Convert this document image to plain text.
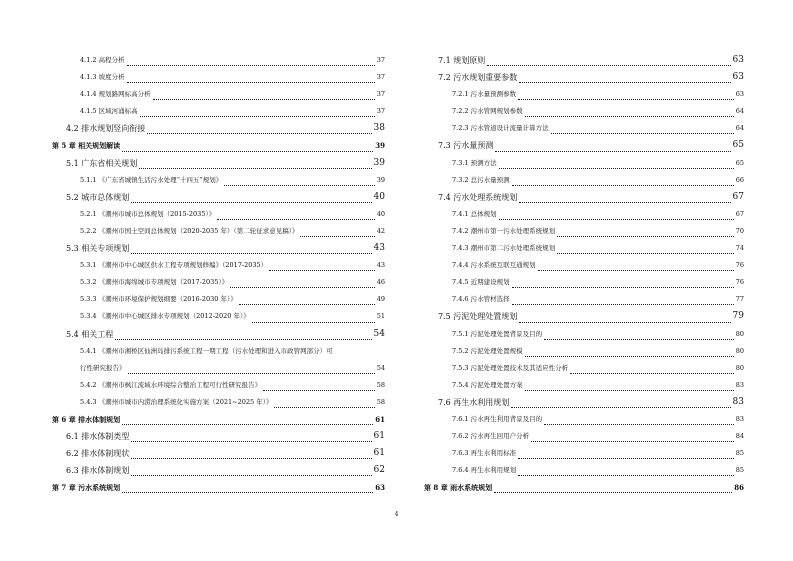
4.1.2 高程分析	37
4.1.3 坡度分析	37
4.1.4 规划路网标高分析	37
4.1.5 区域河涌标高	37
4.2 排水规划竖向衔接	38
第 5 章 相关规划解读	39
5.1 广东省相关规划	39
5.1.1 《广东省城镇生活污水处理“十四五”规划》	39
5.2 城市总体规划	40
5.2.1 《潮州市城市总体规划（2015-2035）》	40
5.2.2 《潮州市国土空间总体规划（2020-2035 年）（第二轮征求意见稿）》	42
5.3 相关专项规划	43
5.3.1 《潮州市中心城区供水工程专项规划修编》（2017-2035）	43
5.3.2 《潮州市海绵城市专项规划（2017-2035）》	46
5.3.3 《潮州市环境保护规划纲要（2016-2030 年）》	49
5.3.4 《潮州市中心城区排水专项规划（2012-2020 年）》	51
5.4 相关工程	54
5.4.1 《潮州市湘桥区仙洲岛排污系统工程一期工程（污水处理和进入市政管网部分）可
行性研究报告》	54
5.4.2 《潮州市枫江流域水环境综合整治工程可行性研究报告》	58
5.4.3 《潮州市城市内涝治理系统化实施方案（2021~2025 年）》	58
第 6 章 排水体制规划	61
6.1 排水体制类型	61
6.2 排水体制现状	61
6.3 排水体制规划	62
第 7 章 污水系统规划	63
7.1 规划原则	63
7.2 污水规划重要参数	63
7.2.1 污水量预测参数	63
7.2.2 污水管网规划参数	64
7.2.3 污水管道设计流量计算方法	64
7.3 污水量预测	65
7.3.1 预测方法	65
7.3.2 总污水量预测	66
7.4 污水处理系统规划	67
7.4.1 总体规划	67
7.4.2 潮州市第一污水处理系统规划	70
7.4.3 潮州市第二污水处理系统规划	74
7.4.4 污水系统互联互通规划	76
7.4.5 近期建设规划	76
7.4.6 污水管材选择	77
7.5 污泥处理处置规划	79
7.5.1 污泥处理处置背景及目的	80
7.5.2 污泥处理处置规模	80
7.5.3 污泥处理处置技术及其适应性分析	80
7.5.4 污泥处理处置方案	83
7.6 再生水利用规划	83
7.6.1 污水再生利用背景及目的	83
7.6.2 污水再生回用户分析	84
7.6.3 再生水利用标准	85
7.6.4 再生水利用规划	85
第 8 章 雨水系统规划	86
4
